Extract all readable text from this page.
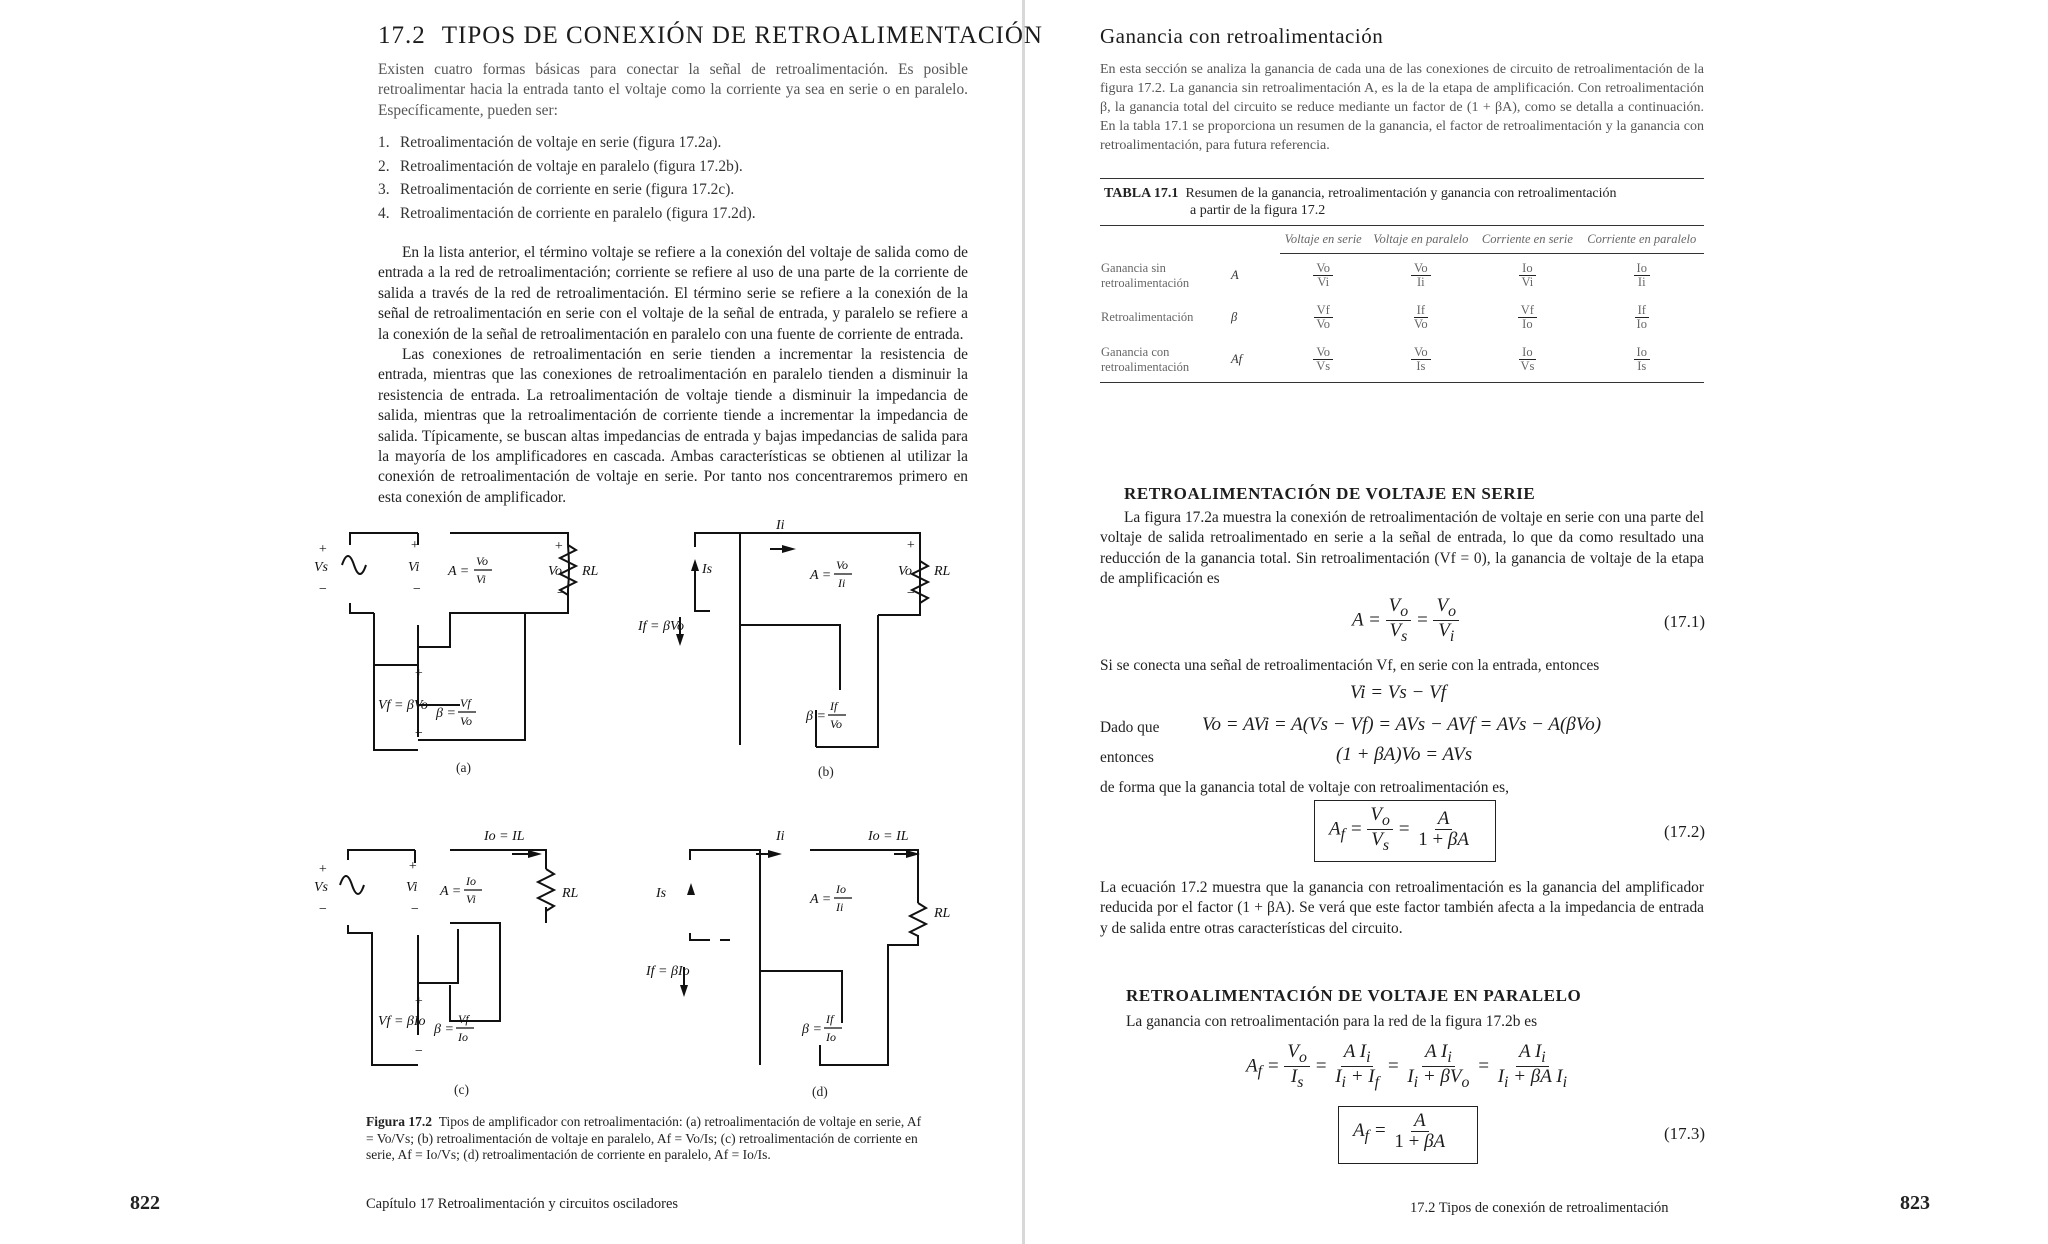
17.2 TIPOS DE CONEXIÓN DE RETROALIMENTACIÓN
Existen cuatro formas básicas para conectar la señal de retroalimentación. Es posible retroalimentar hacia la entrada tanto el voltaje como la corriente ya sea en serie o en paralelo. Específicamente, pueden ser:
1. Retroalimentación de voltaje en serie (figura 17.2a).
2. Retroalimentación de voltaje en paralelo (figura 17.2b).
3. Retroalimentación de corriente en serie (figura 17.2c).
4. Retroalimentación de corriente en paralelo (figura 17.2d).
En la lista anterior, el término voltaje se refiere a la conexión del voltaje de salida como de entrada a la red de retroalimentación; corriente se refiere al uso de una parte de la corriente de salida a través de la red de retroalimentación. El término serie se refiere a la conexión de la señal de retroalimentación en serie con el voltaje de la señal de entrada, y paralelo se refiere a la conexión de la señal de retroalimentación en paralelo con una fuente de corriente de entrada.
Las conexiones de retroalimentación en serie tienden a incrementar la resistencia de entrada, mientras que las conexiones de retroalimentación en paralelo tienden a disminuir la resistencia de entrada. La retroalimentación de voltaje tiende a disminuir la impedancia de salida, mientras que la retroalimentación de corriente tiende a incrementar la impedancia de salida. Típicamente, se buscan altas impedancias de entrada y bajas impedancias de salida para la mayoría de los amplificadores en cascada. Ambas características se obtienen al utilizar la conexión de retroalimentación de voltaje en serie. Por tanto nos concentraremos primero en esta conexión de amplificador.
+
Vs
−
+
Vi
−
A =
Vo
Vi
+
Vo RL
−
+
Vf = βVo
−
β =
Vf
Vo
Ii
Is	A =
Vo
Ii
+
Vo RL
−
If = βVo
β =
If
Vo
Io = IL
+
Vs
−
+
Vi
−
A =
Io
Vi	RL
+
Vf = βIo
−
β =
Vf
Io
Ii	Io = IL
Is	A =
Io
Ii	RL
If = βIo
β =
If
Io
(a)	(b)
(c)	(d)
Figura 17.2 Tipos de amplificador con retroalimentación: (a) retroalimentación de voltaje en serie, Af = Vo/Vs; (b) retroalimentación de voltaje en paralelo, Af = Vo/Is; (c) retroalimentación de corriente en serie, Af = Io/Vs; (d) retroalimentación de corriente en paralelo, Af = Io/Is.
822	Capítulo 17 Retroalimentación y circuitos osciladores
Ganancia con retroalimentación
En esta sección se analiza la ganancia de cada una de las conexiones de circuito de retroalimentación de la figura 17.2. La ganancia sin retroalimentación A, es la de la etapa de amplificación. Con retroalimentación β, la ganancia total del circuito se reduce mediante un factor de (1 + βA), como se detalla a continuación. En la tabla 17.1 se proporciona un resumen de la ganancia, el factor de retroalimentación y la ganancia con retroalimentación, para futura referencia.
TABLA 17.1 Resumen de la ganancia, retroalimentación y ganancia con retroalimentación
a partir de la figura 17.2
		Voltaje en serie	Voltaje en paralelo	Corriente en serie	Corriente en paralelo
Ganancia sin retroalimentación	A	$\frac{Vo}{Vi}$	$\frac{Vo}{Ii}$	$\frac{Io}{Vi}$	$\frac{Io}{Ii}$

Retroalimentación	β	$\frac{Vf}{Vo}$	$\frac{If}{Vo}$	$\frac{Vf}{Io}$	$\frac{If}{Io}$

Ganancia con retroalimentación	Af	$\frac{Vo}{Vs}$	$\frac{Vo}{Is}$	$\frac{Io}{Vs}$	$\frac{Io}{Is}$
RETROALIMENTACIÓN DE VOLTAJE EN SERIE
La figura 17.2a muestra la conexión de retroalimentación de voltaje en serie con una parte del voltaje de salida retroalimentado en serie a la señal de entrada, lo que da como resultado una reducción de la ganancia total. Sin retroalimentación (Vf = 0), la ganancia de voltaje de la etapa de amplificación es
$A = \frac{V_o}{V_s} = \frac{V_o}{V_i}$	(17.1)
Si se conecta una señal de retroalimentación Vf, en serie con la entrada, entonces
Vi = Vs − Vf
Dado que Vo = AVi = A(Vs − Vf) = AVs − AVf = AVs − A(βVo)
entonces	(1 + βA)Vo = AVs
de forma que la ganancia total de voltaje con retroalimentación es,
$A_f = \frac{V_o}{V_s} = \frac{A}{1 + \beta A}$	(17.2)
La ecuación 17.2 muestra que la ganancia con retroalimentación es la ganancia del amplificador reducida por el factor (1 + βA). Se verá que este factor también afecta a la impedancia de entrada y de salida entre otras características del circuito.
RETROALIMENTACIÓN DE VOLTAJE EN PARALELO
La ganancia con retroalimentación para la red de la figura 17.2b es
$A_f = \frac{V_o}{I_s} = \frac{A I_i}{I_i + I_f} = \frac{A I_i}{I_i + \beta V_o} = \frac{A I_i}{I_i + \beta A I_i}$
$A_f = \frac{A}{1 + \beta A}$	(17.3)
17.2 Tipos de conexión de retroalimentación	823
